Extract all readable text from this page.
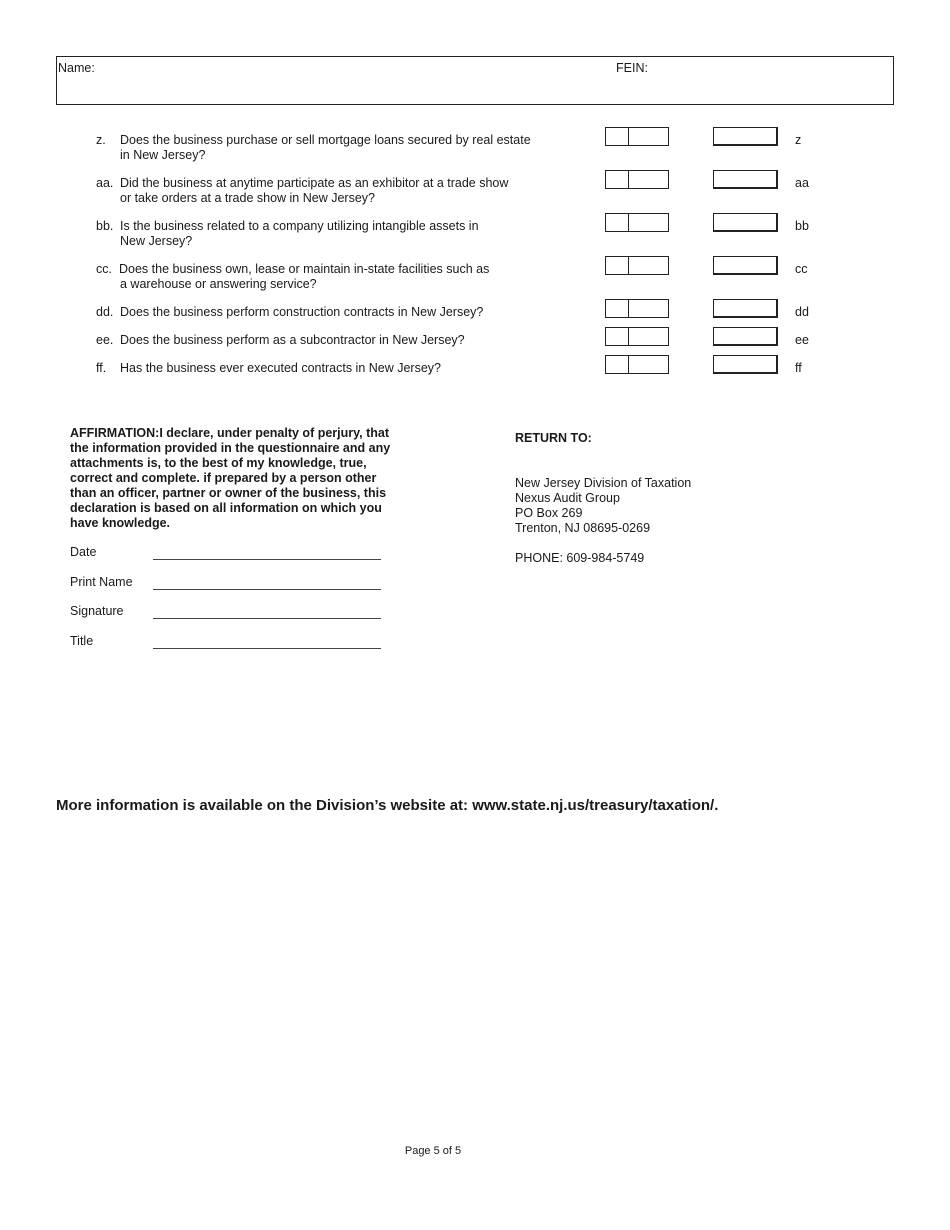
Name:	FEIN:
z. Does the business purchase or sell mortgage loans secured by real estate
in New Jersey?
z
aa. Did the business at anytime participate as an exhibitor at a trade show
or take orders at a trade show in New Jersey?
aa
bb. Is the business related to a company utilizing intangible assets in
New Jersey?
bb
cc. Does the business own, lease or maintain in-state facilities such as
a warehouse or answering service?
cc
dd. Does the business perform construction contracts in New Jersey?	dd
ee. Does the business perform as a subcontractor in New Jersey?	ee
ff. Has the business ever executed contracts in New Jersey?	ff
AFFIRMATION:I declare, under penalty of perjury, that the information provided in the questionnaire and any attachments is, to the best of my knowledge, true, correct and complete. if prepared by a person other than an officer, partner or owner of the business, this declaration is based on all information on which you have knowledge.
Date
Print Name
Signature
Title
RETURN TO:
New Jersey Division of Taxation
Nexus Audit Group
PO Box 269
Trenton, NJ 08695-0269
PHONE: 609-984-5749
More information is available on the Division’s website at: www.state.nj.us/treasury/taxation/.
Page 5 of 5
